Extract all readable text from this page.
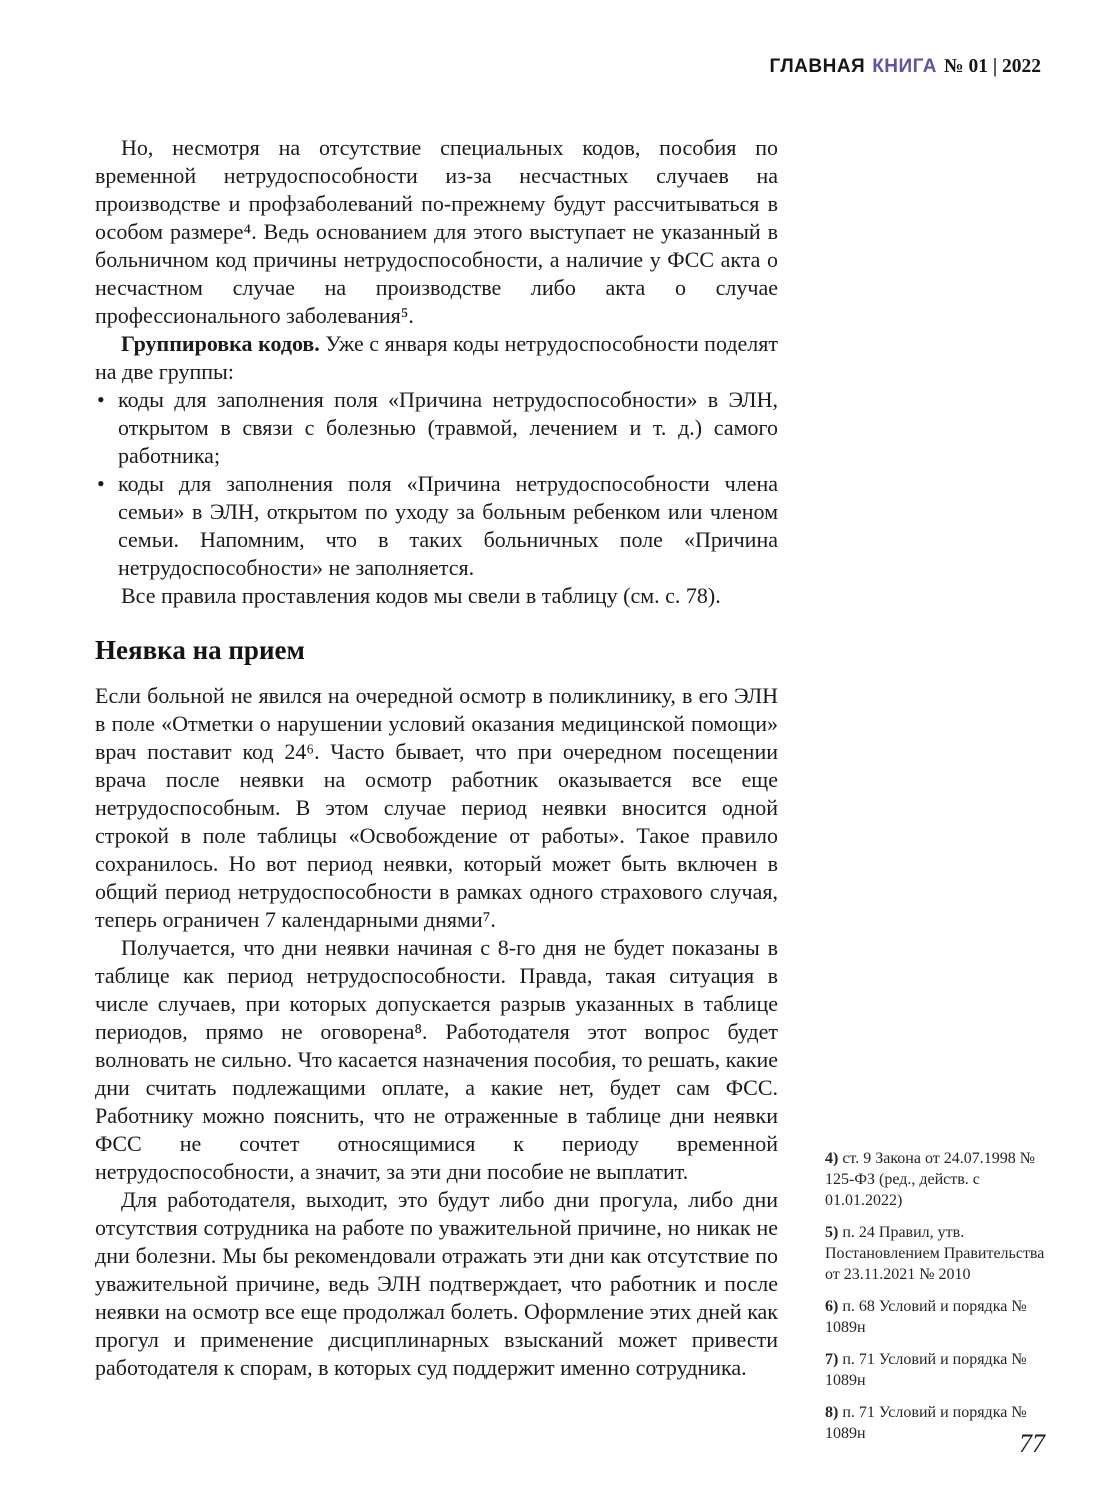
ГЛАВНАЯ КНИГА № 01 | 2022

Но, несмотря на отсутствие специальных кодов, пособия по временной нетрудоспособности из-за несчастных случаев на производстве и профзаболеваний по-прежнему будут рассчитываться в особом размере⁴. Ведь основанием для этого выступает не указанный в больничном код причины нетрудоспособности, а наличие у ФСС акта о несчастном случае на производстве либо акта о случае профессионального заболевания⁵.

Группировка кодов. Уже с января коды нетрудоспособности поделят на две группы:

• коды для заполнения поля «Причина нетрудоспособности» в ЭЛН, открытом в связи с болезнью (травмой, лечением и т. д.) самого работника;
• коды для заполнения поля «Причина нетрудоспособности члена семьи» в ЭЛН, открытом по уходу за больным ребенком или членом семьи. Напомним, что в таких больничных поле «Причина нетрудоспособности» не заполняется.

Все правила проставления кодов мы свели в таблицу (см. с. 78).

Неявка на прием

Если больной не явился на очередной осмотр в поликлинику, в его ЭЛН в поле «Отметки о нарушении условий оказания медицинской помощи» врач поставит код 24⁶. Часто бывает, что при очередном посещении врача после неявки на осмотр работник оказывается все еще нетрудоспособным. В этом случае период неявки вносится одной строкой в поле таблицы «Освобождение от работы». Такое правило сохранилось. Но вот период неявки, который может быть включен в общий период нетрудоспособности в рамках одного страхового случая, теперь ограничен 7 календарными днями⁷.

Получается, что дни неявки начиная с 8-го дня не будет показаны в таблице как период нетрудоспособности. Правда, такая ситуация в числе случаев, при которых допускается разрыв указанных в таблице периодов, прямо не оговорена⁸. Работодателя этот вопрос будет волновать не сильно. Что касается назначения пособия, то решать, какие дни считать подлежащими оплате, а какие нет, будет сам ФСС. Работнику можно пояснить, что не отраженные в таблице дни неявки ФСС не сочтет относящимися к периоду временной нетрудоспособности, а значит, за эти дни пособие не выплатит.

Для работодателя, выходит, это будут либо дни прогула, либо дни отсутствия сотрудника на работе по уважительной причине, но никак не дни болезни. Мы бы рекомендовали отражать эти дни как отсутствие по уважительной причине, ведь ЭЛН подтверждает, что работник и после неявки на осмотр все еще продолжал болеть. Оформление этих дней как прогул и применение дисциплинарных взысканий может привести работодателя к спорам, в которых суд поддержит именно сотрудника.

4) ст. 9 Закона от 24.07.1998 № 125-ФЗ (ред., действ. с 01.01.2022)
5) п. 24 Правил, утв. Постановлением Правительства от 23.11.2021 № 2010
6) п. 68 Условий и порядка № 1089н
7) п. 71 Условий и порядка № 1089н
8) п. 71 Условий и порядка № 1089н	77
